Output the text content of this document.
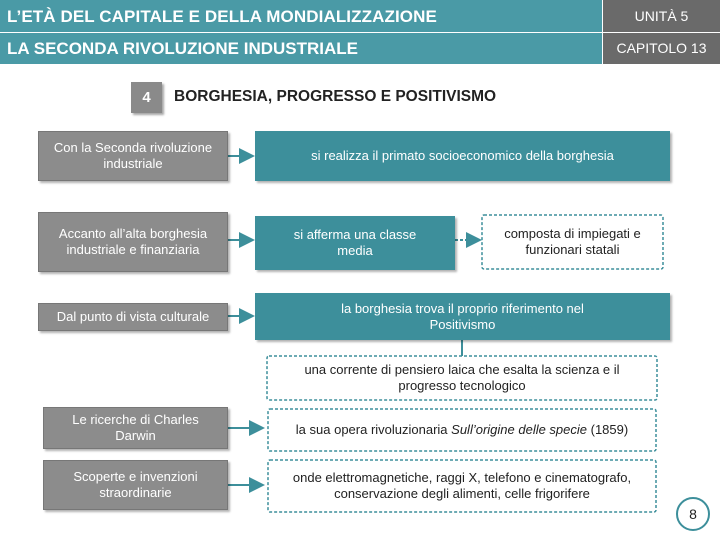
L’ETÀ DEL CAPITALE E DELLA MONDIALIZZAZIONE
LA SECONDA RIVOLUZIONE INDUSTRIALE
UNITÀ 5
CAPITOLO 13
4	BORGHESIA, PROGRESSO E POSITIVISMO
Con la Seconda rivoluzione industriale
si realizza il primato socioeconomico della borghesia
Accanto all’alta borghesia industriale e finanziaria
si afferma una classe media
composta di impiegati e funzionari statali
Dal punto di vista culturale
la borghesia trova il proprio riferimento nel Positivismo
una corrente di pensiero laica che esalta la scienza e il progresso tecnologico
Le ricerche di Charles Darwin	la sua opera rivoluzionaria Sull’origine delle specie (1859)
Scoperte e invenzioni straordinarie
onde elettromagnetiche, raggi X, telefono e cinematografo, conservazione degli alimenti, celle frigorifere
8
